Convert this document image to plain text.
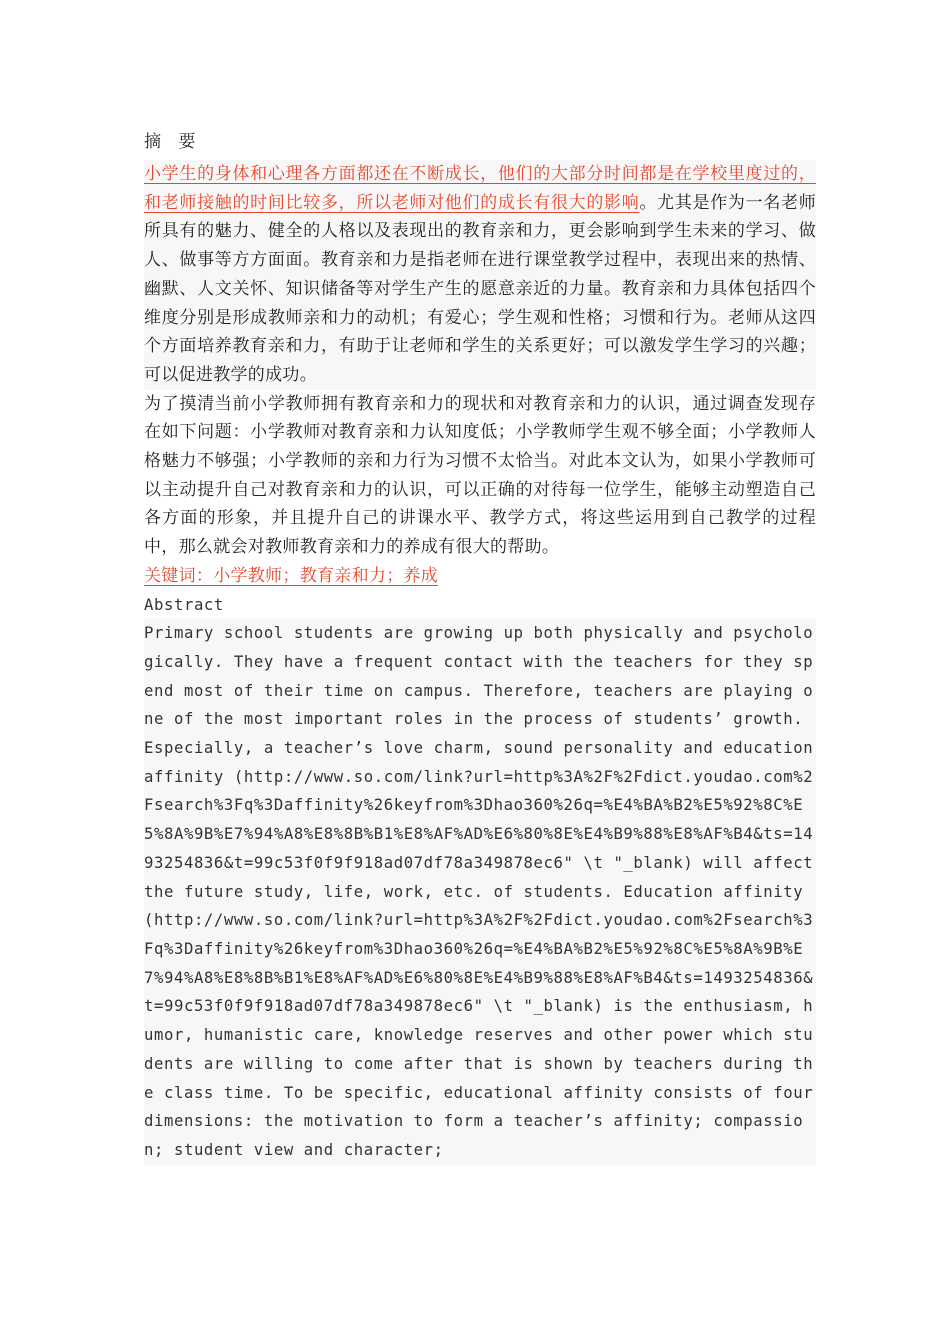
摘 要

小学生的身体和心理各方面都还在不断成长，他们的大部分时间都是在学校里度过的，和老师接触的时间比较多，所以老师对他们的成长有很大的影响。尤其是作为一名老师所具有的魅力、健全的人格以及表现出的教育亲和力，更会影响到学生未来的学习、做人、做事等方方面面。教育亲和力是指老师在进行课堂教学过程中，表现出来的热情、幽默、人文关怀、知识储备等对学生产生的愿意亲近的力量。教育亲和力具体包括四个维度分别是形成教师亲和力的动机；有爱心；学生观和性格；习惯和行为。老师从这四个方面培养教育亲和力，有助于让老师和学生的关系更好；可以激发学生学习的兴趣；可以促进教学的成功。

为了摸清当前小学教师拥有教育亲和力的现状和对教育亲和力的认识，通过调查发现存在如下问题：小学教师对教育亲和力认知度低；小学教师学生观不够全面；小学教师人格魅力不够强；小学教师的亲和力行为习惯不太恰当。对此本文认为，如果小学教师可以主动提升自己对教育亲和力的认识，可以正确的对待每一位学生，能够主动塑造自己各方面的形象，并且提升自己的讲课水平、教学方式，将这些运用到自己教学的过程中，那么就会对教师教育亲和力的养成有很大的帮助。

关键词：小学教师；教育亲和力；养成

Abstract

Primary school students are growing up both physically and psychologically. They have a frequent contact with the teachers for they spend most of their time on campus. Therefore, teachers are playing one of the most important roles in the process of students’ growth. Especially, a teacher’s love charm, sound personality and education affinity (http://www.so.com/link?url=http%3A%2F%2Fdict.youdao.com%2Fsearch%3Fq%3Daffinity%26keyfrom%3Dhao360%26q=%E4%BA%B2%E5%92%8C%E5%8A%9B%E7%94%A8%E8%8B%B1%E8%AF%AD%E6%80%8E%E4%B9%88%E8%AF%B4&ts=1493254836&t=99c53f0f9f918ad07df78a349878ec6" \t "_blank) will affect the future study, life, work, etc. of students. Education affinity (http://www.so.com/link?url=http%3A%2F%2Fdict.youdao.com%2Fsearch%3Fq%3Daffinity%26keyfrom%3Dhao360%26q=%E4%BA%B2%E5%92%8C%E5%8A%9B%E7%94%A8%E8%8B%B1%E8%AF%AD%E6%80%8E%E4%B9%88%E8%AF%B4&ts=1493254836&t=99c53f0f9f918ad07df78a349878ec6" \t "_blank) is the enthusiasm, humor, humanistic care, knowledge reserves and other power which students are willing to come after that is shown by teachers during the class time. To be specific, educational affinity consists of four dimensions: the motivation to form a teacher’s affinity; compassion; student view and character;
